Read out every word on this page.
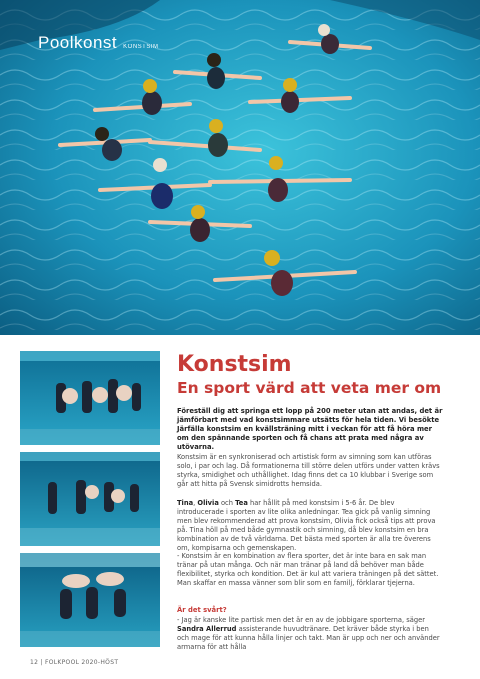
Poolkonst KONSTSIM
Konstsim
En sport värd att veta mer om
Föreställ dig att springa ett lopp på 200 meter utan att andas, det är jämförbart med vad konstsimmare utsätts för hela tiden. Vi besökte Järfälla konstsim en kvällsträning mitt i veckan för att få höra mer om den spännande sporten och få chans att prata med några av utövarna.
Konstsim är en synkroniserad och artistisk form av simning som kan utföras solo, i par och lag. Då formationerna till större delen utförs under vatten krävs styrka, smidighet och uthållighet. Idag finns det ca 10 klubbar i Sverige som går att hitta på Svensk simidrotts hemsida.
Tina, Olivia och Tea har hållit på med konstsim i 5-6 år. De blev introducerade i sporten av lite olika anledningar. Tea gick på vanlig simning men blev rekommenderad att prova konstsim, Olivia fick också tips att prova på. Tina höll på med både gymnastik och simning, då blev konstsim en bra kombination av de två världarna. Det bästa med sporten är alla tre överens om, kompisarna och gemenskapen.
- Konstsim är en kombination av flera sporter, det är inte bara en sak man tränar på utan många. Och när man tränar på land då behöver man både flexibilitet, styrka och kondition. Det är kul att variera träningen på det sättet. Man skaffar en massa vänner som blir som en familj, förklarar tjejerna.
Är det svårt?
- Jag är kanske lite partisk men det är en av de jobbigare sporterna, säger Sandra Allerrud assisterande huvudtränare. Det kräver både styrka i ben och mage för att kunna hålla linjer och takt. Man är upp och ner och använder armarna för att hålla
12 | FOLKPOOL 2020-HÖST
